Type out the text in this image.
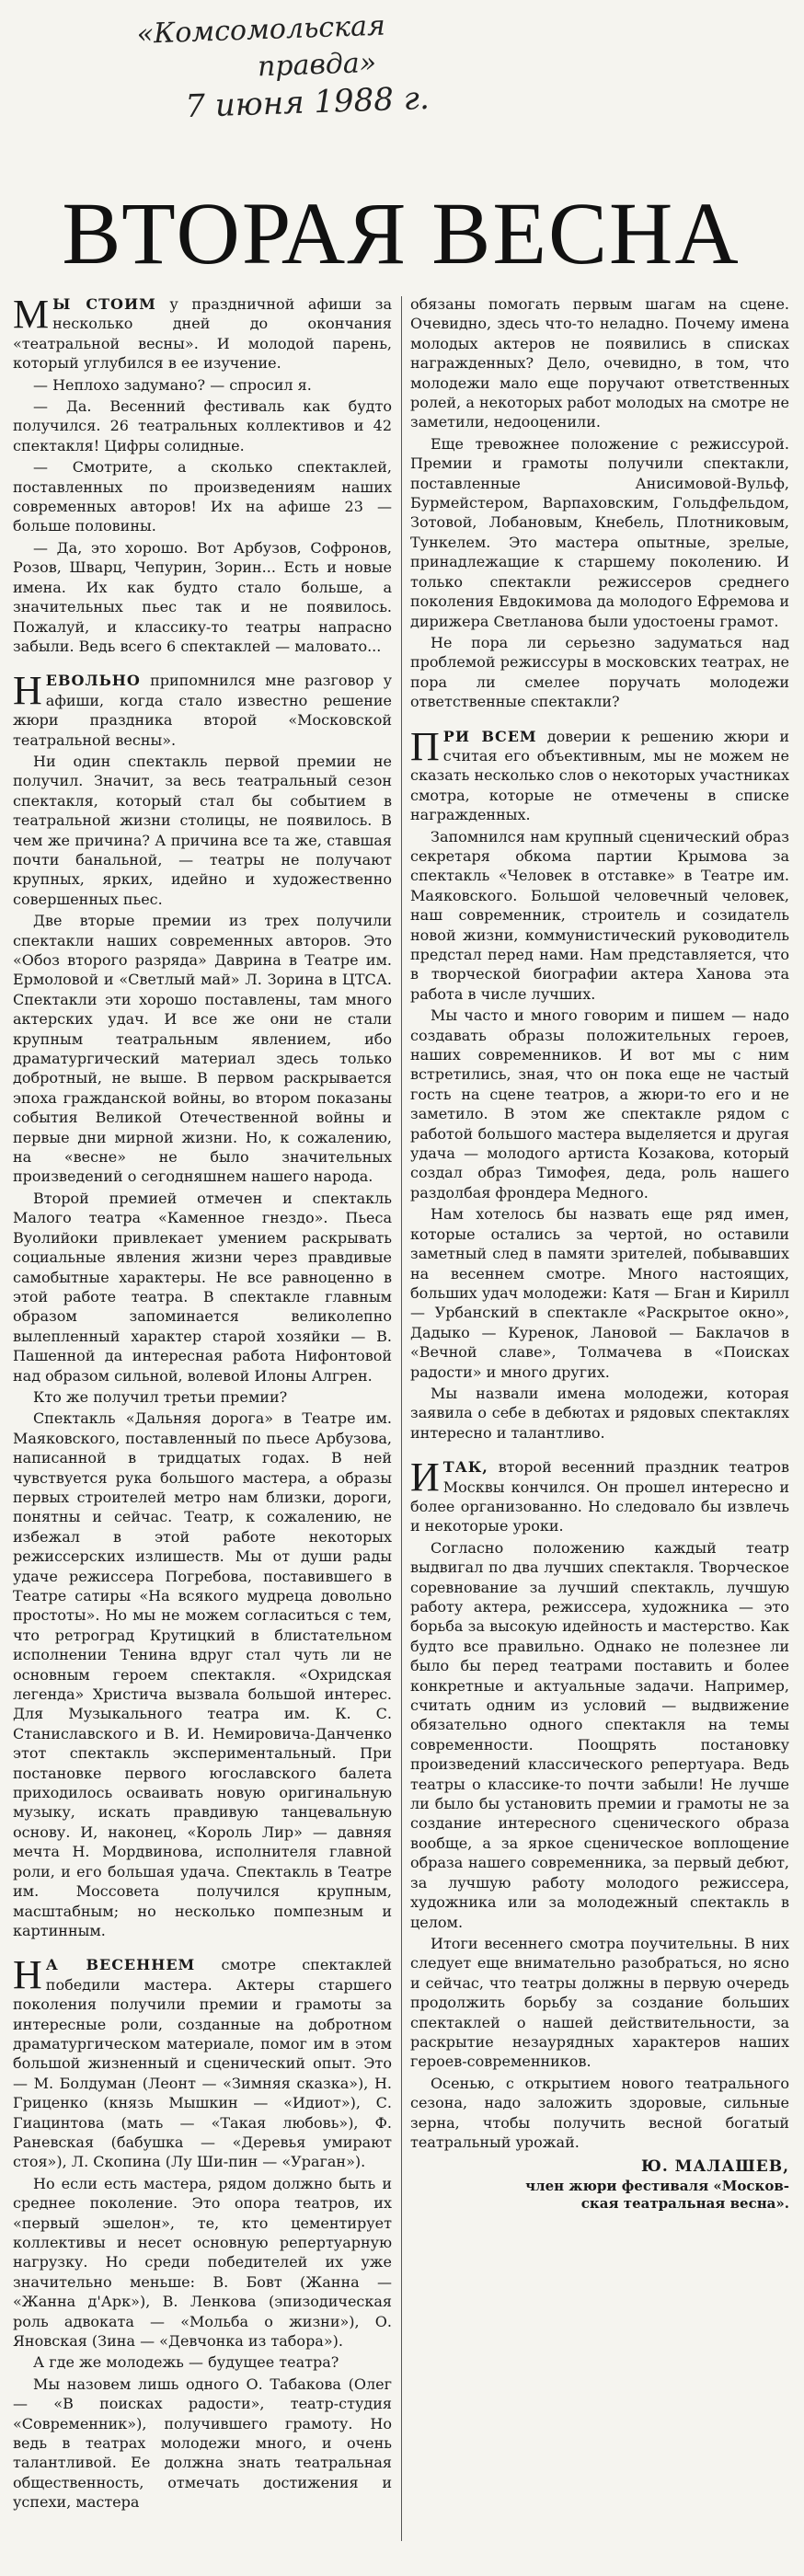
«Комсомольская
правда»
7 июня 1988 г.
ВТОРАЯ ВЕСНА

М Ы СТОИМ у праздничной афиши за несколько дней до окончания «театральной весны». И молодой парень, который углубился в ее изучение.

— Неплохо задумано? — спросил я.

— Да. Весенний фестиваль как будто получился. 26 театральных коллективов и 42 спектакля! Цифры солидные.

— Смотрите, а сколько спектаклей, поставленных по произведениям наших современных авторов! Их на афише 23 — больше половины.

— Да, это хорошо. Вот Арбузов, Софронов, Розов, Шварц, Чепурин, Зорин... Есть и новые имена. Их как будто стало больше, а значительных пьес так и не появилось. Пожалуй, и классику-то театры напрасно забыли. Ведь всего 6 спектаклей — маловато...

НЕВОЛЬНО припомнился мне разговор у афиши, когда стало известно решение жюри праздника второй «Московской театральной весны».

Ни один спектакль первой премии не получил. Значит, за весь театральный сезон спектакля, который стал бы событием в театральной жизни столицы, не появилось. В чем же причина? А причина все та же, ставшая почти банальной, — театры не получают крупных, ярких, идейно и художественно совершенных пьес.

Две вторые премии из трех получили спектакли наших современных авторов. Это «Обоз второго разряда» Даврина в Театре им. Ермоловой и «Светлый май» Л. Зорина в ЦТСА. Спектакли эти хорошо поставлены, там много актерских удач. И все же они не стали крупным театральным явлением, ибо драматургический материал здесь только добротный, не выше. В первом раскрывается эпоха гражданской войны, во втором показаны события Великой Отечественной войны и первые дни мирной жизни. Но, к сожалению, на «весне» не было значительных произведений о сегодняшнем нашего народа.

Второй премией отмечен и спектакль Малого театра «Каменное гнездо». Пьеса Вуолийоки привлекает умением раскрывать социальные явления жизни через правдивые самобытные характеры. Не все равноценно в этой работе театра. В спектакле главным образом запоминается великолепно вылепленный характер старой хозяйки — В. Пашенной да интересная работа Нифонтовой над образом сильной, волевой Илоны Алгрен.

Кто же получил третьи премии?

Спектакль «Дальняя дорога» в Театре им. Маяковского, поставленный по пьесе Арбузова, написанной в тридцатых годах. В ней чувствуется рука большого мастера, а образы первых строителей метро нам близки, дороги, понятны и сейчас. Театр, к сожалению, не избежал в этой работе некоторых режиссерских излишеств. Мы от души рады удаче режиссера Погребова, поставившего в Театре сатиры «На всякого мудреца довольно простоты». Но мы не можем согласиться с тем, что ретроград Крутицкий в блистательном исполнении Тенина вдруг стал чуть ли не основным героем спектакля. «Охридская легенда» Христича вызвала большой интерес. Для Музыкального театра им. К. С. Станиславского и В. И. Немировича-Данченко этот спектакль экспериментальный. При постановке первого югославского балета приходилось осваивать новую оригинальную музыку, искать правдивую танцевальную основу. И, наконец, «Король Лир» — давняя мечта Н. Мордвинова, исполнителя главной роли, и его большая удача. Спектакль в Театре им. Моссовета получился крупным, масштабным; но несколько помпезным и картинным.

Н А ВЕСЕННЕМ смотре спектаклей победили мастера. Актеры старшего поколения получили премии и грамоты за интересные роли, созданные на добротном драматургическом материале, помог им в этом большой жизненный и сценический опыт. Это — М. Болдуман (Леонт — «Зимняя сказка»), Н. Гриценко (князь Мышкин — «Идиот»), С. Гиацинтова (мать — «Такая любовь»), Ф. Раневская (бабушка — «Деревья умирают стоя»), Л. Скопина (Лу Ши-пин — «Ураган»).

Но если есть мастера, рядом должно быть и среднее поколение. Это опора театров, их «первый эшелон», те, кто цементирует коллективы и несет основную репертуарную нагрузку. Но среди победителей их уже значительно меньше: В. Бовт (Жанна — «Жанна д'Арк»), В. Ленкова (эпизодическая роль адвоката — «Мольба о жизни»), О. Яновская (Зина — «Девчонка из табора»).

А где же молодежь — будущее театра?

Мы назовем лишь одного О. Табакова (Олег — «В поисках радости», театр-студия «Современник»), получившего грамоту. Но ведь в театрах молодежи много, и очень талантливой. Ее должна знать театральная общественность, отмечать достижения и успехи, мастера

обязаны помогать первым шагам на сцене. Очевидно, здесь что-то неладно. Почему имена молодых актеров не появились в списках награжденных? Дело, очевидно, в том, что молодежи мало еще поручают ответственных ролей, а некоторых работ молодых на смотре не заметили, недооценили.

Еще тревожнее положение с режиссурой. Премии и грамоты получили спектакли, поставленные Анисимовой-Вульф, Бурмейстером, Варпаховским, Гольдфельдом, Зотовой, Лобановым, Кнебель, Плотниковым, Тункелем. Это мастера опытные, зрелые, принадлежащие к старшему поколению. И только спектакли режиссеров среднего поколения Евдокимова да молодого Ефремова и дирижера Светланова были удостоены грамот.

Не пора ли серьезно задуматься над проблемой режиссуры в московских театрах, не пора ли смелее поручать молодежи ответственные спектакли?

ПРИ ВСЕМ доверии к решению жюри и считая его объективным, мы не можем не сказать несколько слов о некоторых участниках смотра, которые не отмечены в списке награжденных.

Запомнился нам крупный сценический образ секретаря обкома партии Крымова за спектакль «Человек в отставке» в Театре им. Маяковского. Большой человечный человек, наш современник, строитель и созидатель новой жизни, коммунистический руководитель предстал перед нами. Нам представляется, что в творческой биографии актера Ханова эта работа в числе лучших.

Мы часто и много говорим и пишем — надо создавать образы положительных героев, наших современников. И вот мы с ним встретились, зная, что он пока еще не частый гость на сцене театров, а жюри-то его и не заметило. В этом же спектакле рядом с работой большого мастера выделяется и другая удача — молодого артиста Козакова, который создал образ Тимофея, деда, роль нашего раздолбая фрондера Медного.

Нам хотелось бы назвать еще ряд имен, которые остались за чертой, но оставили заметный след в памяти зрителей, побывавших на весеннем смотре. Много настоящих, больших удач молодежи: Катя — Бган и Кирилл — Урбанский в спектакле «Раскрытое окно», Дадыко — Куренок, Лановой — Баклачов в «Вечной славе», Толмачева в «Поисках радости» и много других.

Мы назвали имена молодежи, которая заявила о себе в дебютах и рядовых спектаклях интересно и талантливо.

ИТАК, второй весенний праздник театров Москвы кончился. Он прошел интересно и более организованно. Но следовало бы извлечь и некоторые уроки.

Согласно положению каждый театр выдвигал по два лучших спектакля. Творческое соревнование за лучший спектакль, лучшую работу актера, режиссера, художника — это борьба за высокую идейность и мастерство. Как будто все правильно. Однако не полезнее ли было бы перед театрами поставить и более конкретные и актуальные задачи. Например, считать одним из условий — выдвижение обязательно одного спектакля на темы современности. Поощрять постановку произведений классического репертуара. Ведь театры о классике-то почти забыли! Не лучше ли было бы установить премии и грамоты не за создание интересного сценического образа вообще, а за яркое сценическое воплощение образа нашего современника, за первый дебют, за лучшую работу молодого режиссера, художника или за молодежный спектакль в целом.

Итоги весеннего смотра поучительны. В них следует еще внимательно разобраться, но ясно и сейчас, что театры должны в первую очередь продолжить борьбу за создание больших спектаклей о нашей действительности, за раскрытие незаурядных характеров наших героев-современников.

Осенью, с открытием нового театрального сезона, надо заложить здоровые, сильные зерна, чтобы получить весной богатый театральный урожай.

Ю. МАЛАШЕВ,
член жюри фестиваля «Москов-
ская театральная весна».
